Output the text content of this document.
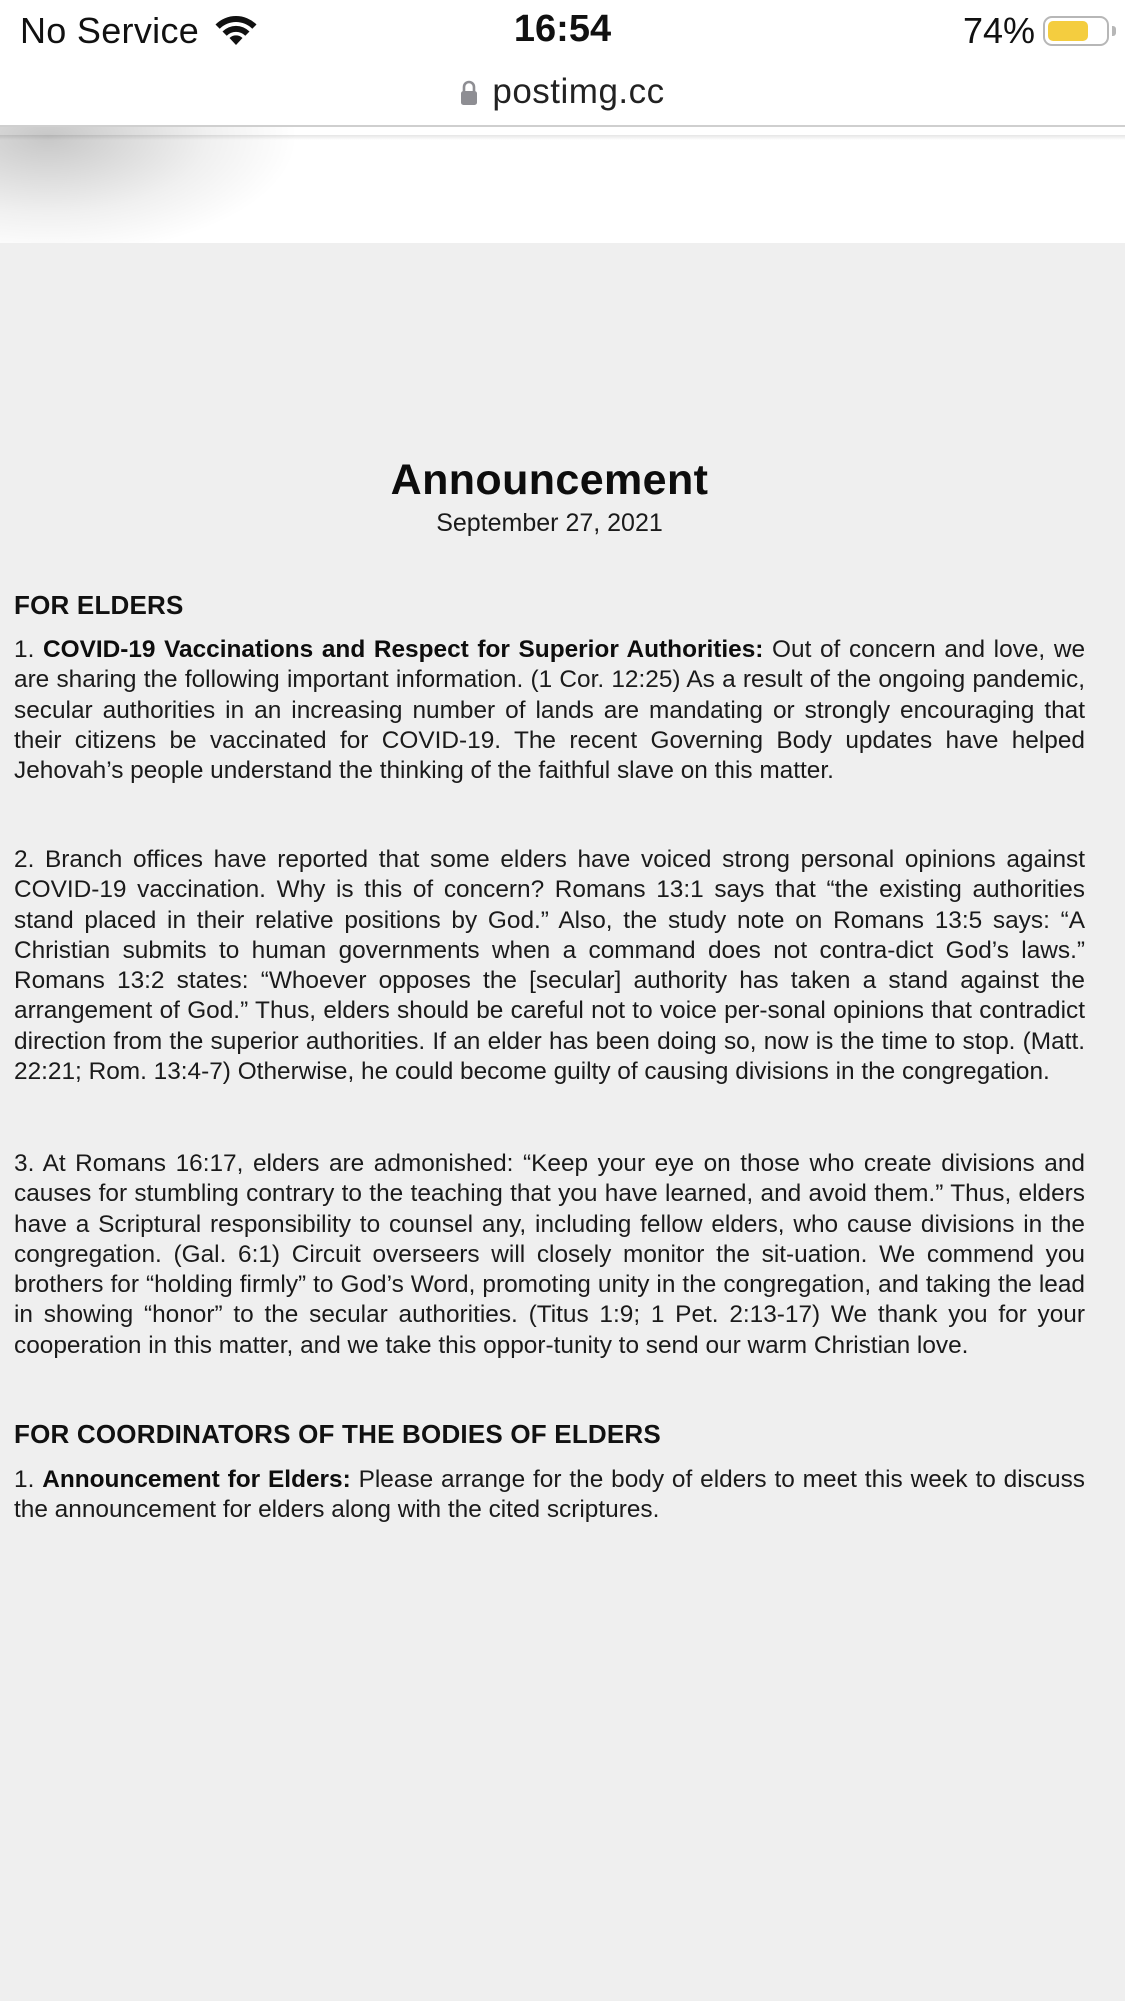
No Service	16:54	74%
postimg.cc
Announcement
September 27, 2021
FOR ELDERS

1. COVID-19 Vaccinations and Respect for Superior Authorities: Out of concern and love, we are sharing the following important information. (1 Cor. 12:25) As a result of the ongoing pandemic, secular authorities in an increasing number of lands are mandating or strongly encouraging that their citizens be vaccinated for COVID-19. The recent Governing Body updates have helped Jehovah’s people understand the thinking of the faithful slave on this matter.

2. Branch offices have reported that some elders have voiced strong personal opinions against COVID-19 vaccination. Why is this of concern? Romans 13:1 says that “the existing authorities stand placed in their relative positions by God.” Also, the study note on Romans 13:5 says: “A Christian submits to human governments when a command does not contra-dict God’s laws.” Romans 13:2 states: “Whoever opposes the [secular] authority has taken a stand against the arrangement of God.” Thus, elders should be careful not to voice per-sonal opinions that contradict direction from the superior authorities. If an elder has been doing so, now is the time to stop. (Matt. 22:21; Rom. 13:4-7) Otherwise, he could become guilty of causing divisions in the congregation.

3. At Romans 16:17, elders are admonished: “Keep your eye on those who create divisions and causes for stumbling contrary to the teaching that you have learned, and avoid them.” Thus, elders have a Scriptural responsibility to counsel any, including fellow elders, who cause divisions in the congregation. (Gal. 6:1) Circuit overseers will closely monitor the sit-uation. We commend you brothers for “holding firmly” to God’s Word, promoting unity in the congregation, and taking the lead in showing “honor” to the secular authorities. (Titus 1:9; 1 Pet. 2:13-17) We thank you for your cooperation in this matter, and we take this oppor-tunity to send our warm Christian love.

FOR COORDINATORS OF THE BODIES OF ELDERS

1. Announcement for Elders: Please arrange for the body of elders to meet this week to discuss the announcement for elders along with the cited scriptures.
